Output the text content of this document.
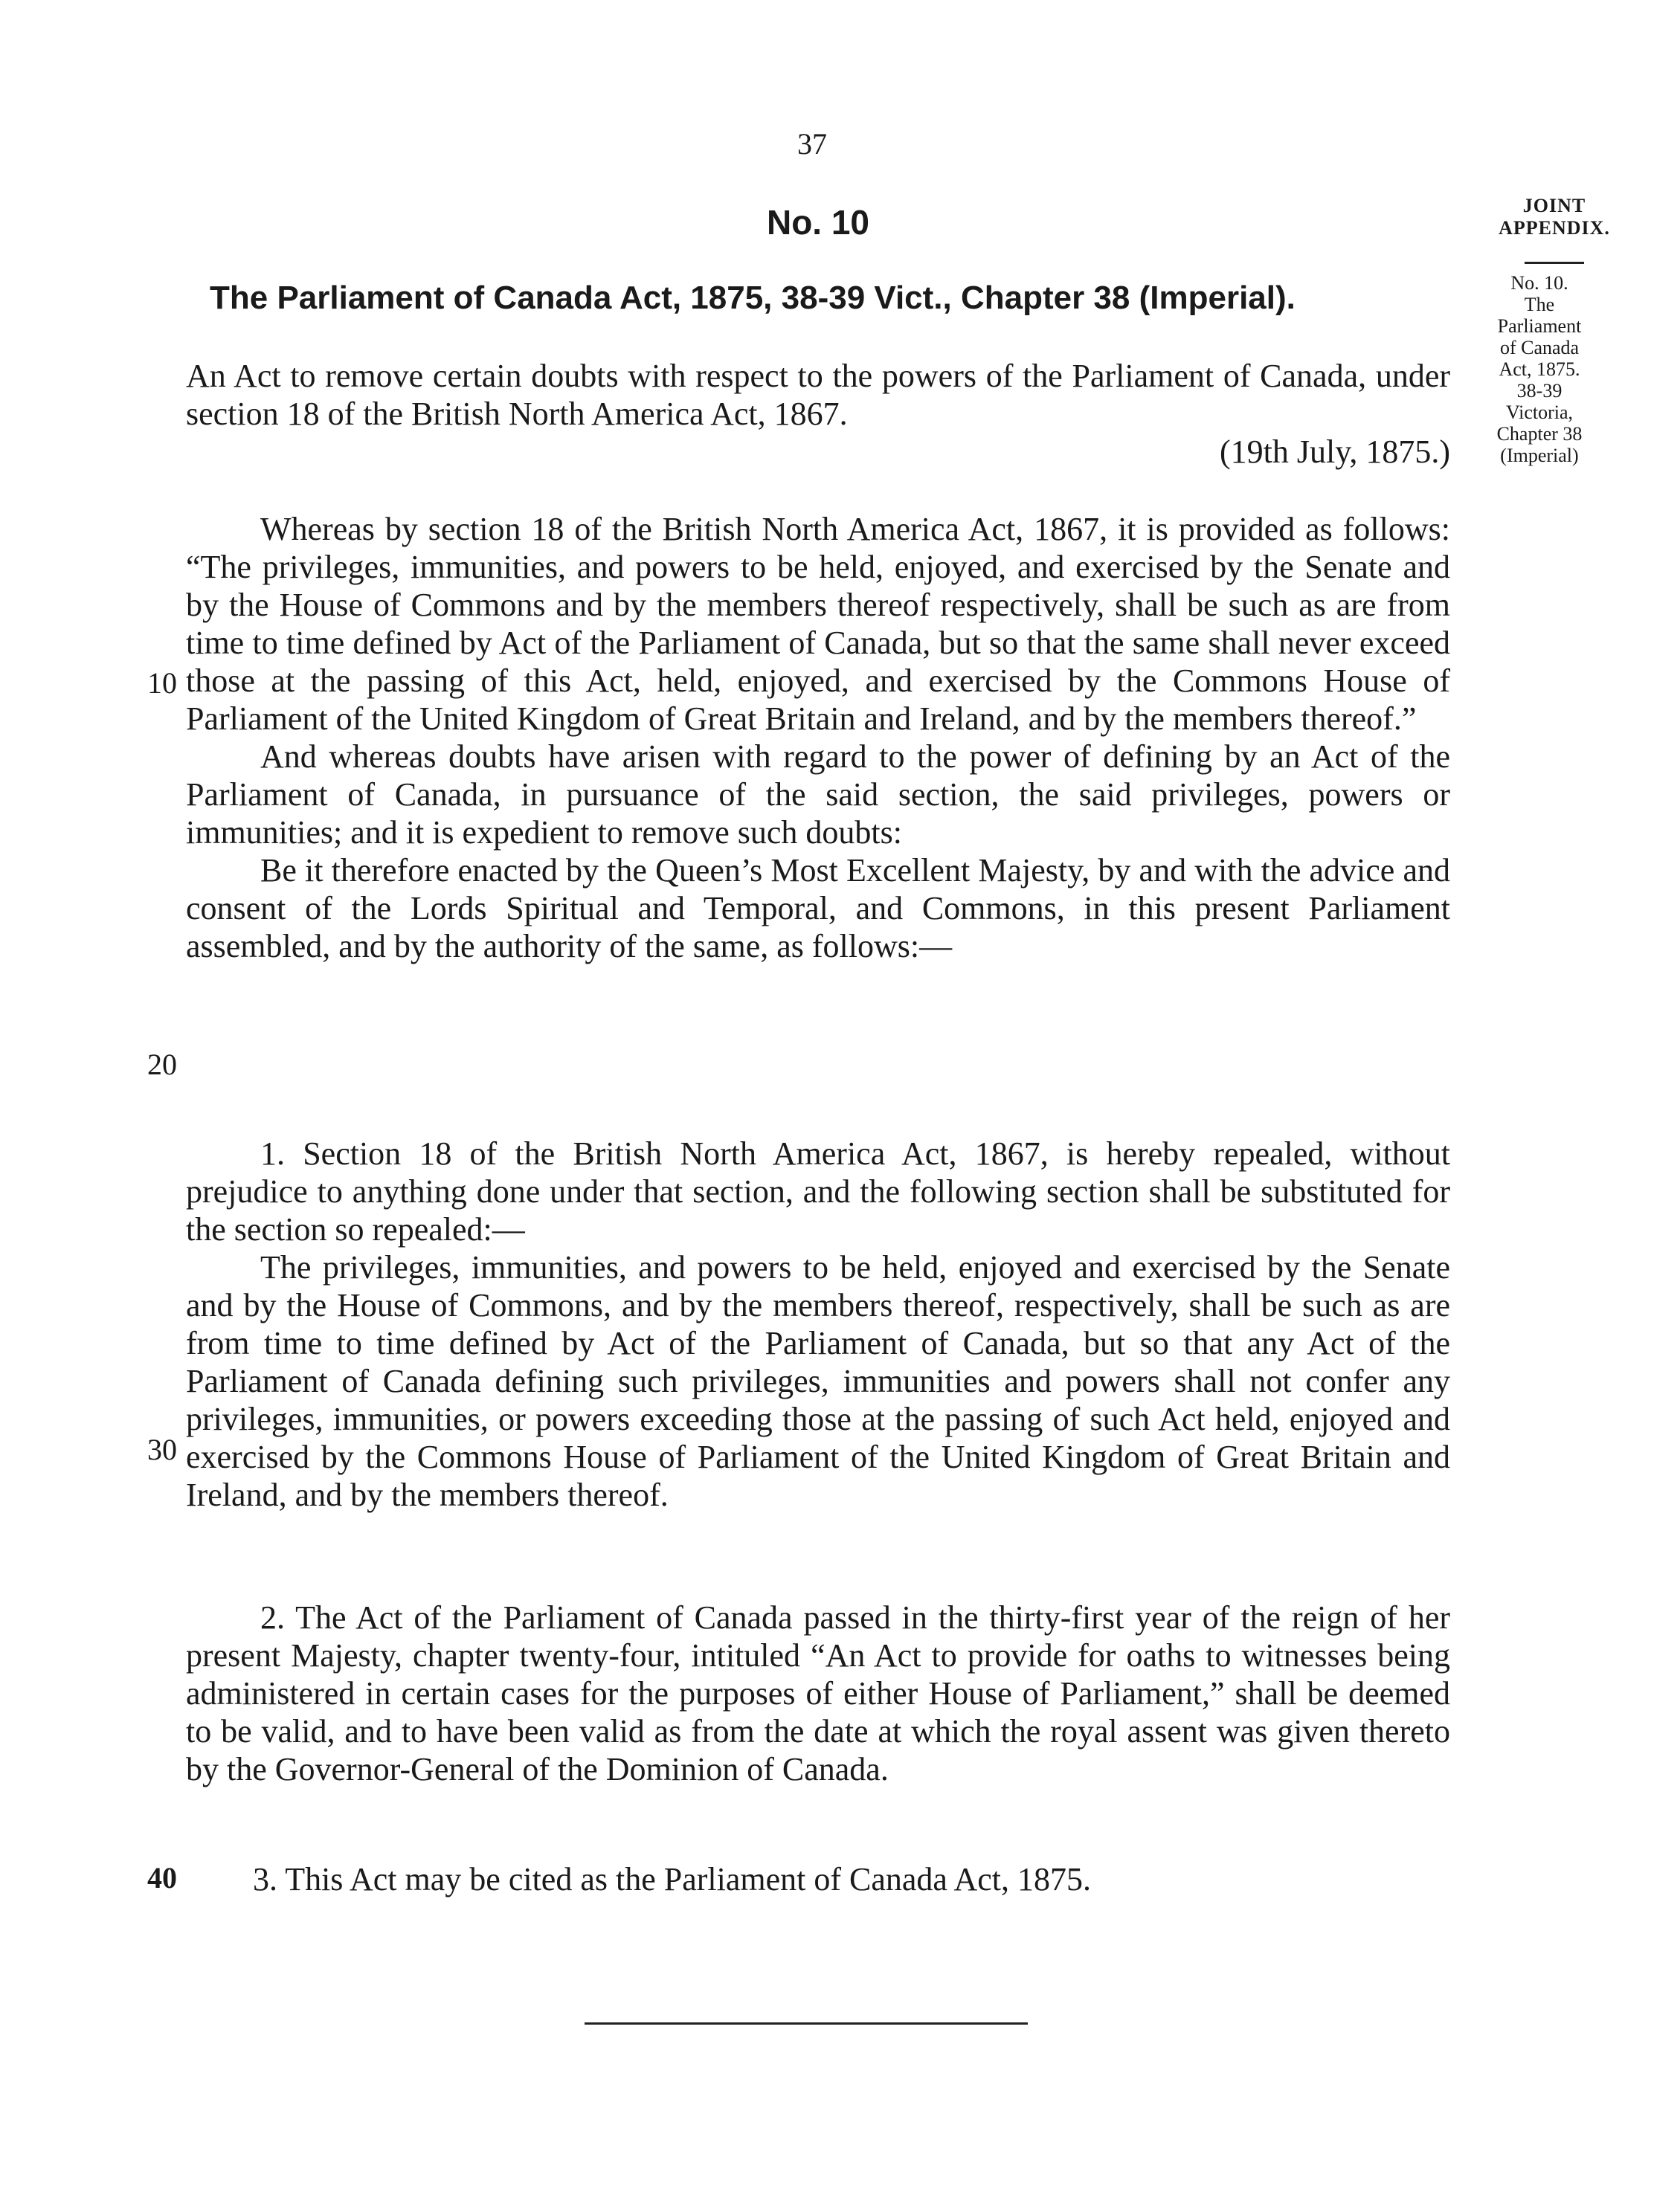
37
No. 10	JOINT
APPENDIX.
No. 10.
The
Parliament
of Canada
Act, 1875.
38-39
Victoria,
Chapter 38
(Imperial)
The Parliament of Canada Act, 1875, 38-39 Vict., Chapter 38 (Imperial).

An Act to remove certain doubts with respect to the powers of the Parliament of Canada, under section 18 of the British North America Act, 1867.

(19th July, 1875.)

Whereas by section 18 of the British North America Act, 1867, it is provided as follows: “The privileges, immunities, and powers to be held, enjoyed, and exercised by the Senate and by the House of Commons and by the members thereof respectively, shall be such as are from time to time defined by Act of the Parliament of Canada, but so that the same shall never exceed those at the passing of this Act, held, enjoyed, and exercised by the Commons House of Parliament of the United Kingdom of Great Britain and Ireland, and by the members thereof.”

And whereas doubts have arisen with regard to the power of defining by an Act of the Parliament of Canada, in pursuance of the said section, the said privileges, powers or immunities; and it is expedient to remove such doubts:

Be it therefore enacted by the Queen’s Most Excellent Majesty, by and with the advice and consent of the Lords Spiritual and Temporal, and Commons, in this present Parliament assembled, and by the authority of the same, as follows:—

1. Section 18 of the British North America Act, 1867, is hereby repealed, without prejudice to anything done under that section, and the following section shall be substituted for the section so repealed:—

The privileges, immunities, and powers to be held, enjoyed and exercised by the Senate and by the House of Commons, and by the members thereof, respectively, shall be such as are from time to time defined by Act of the Parliament of Canada, but so that any Act of the Parliament of Canada defining such privileges, immunities and powers shall not confer any privileges, immunities, or powers exceeding those at the passing of such Act held, enjoyed and exercised by the Commons House of Parliament of the United Kingdom of Great Britain and Ireland, and by the members thereof.

2. The Act of the Parliament of Canada passed in the thirty-first year of the reign of her present Majesty, chapter twenty-four, intituled “An Act to provide for oaths to witnesses being administered in certain cases for the purposes of either House of Parliament,” shall be deemed to be valid, and to have been valid as from the date at which the royal assent was given thereto by the Governor-General of the Dominion of Canada.

3. This Act may be cited as the Parliament of Canada Act, 1875.
10
20
30
40
